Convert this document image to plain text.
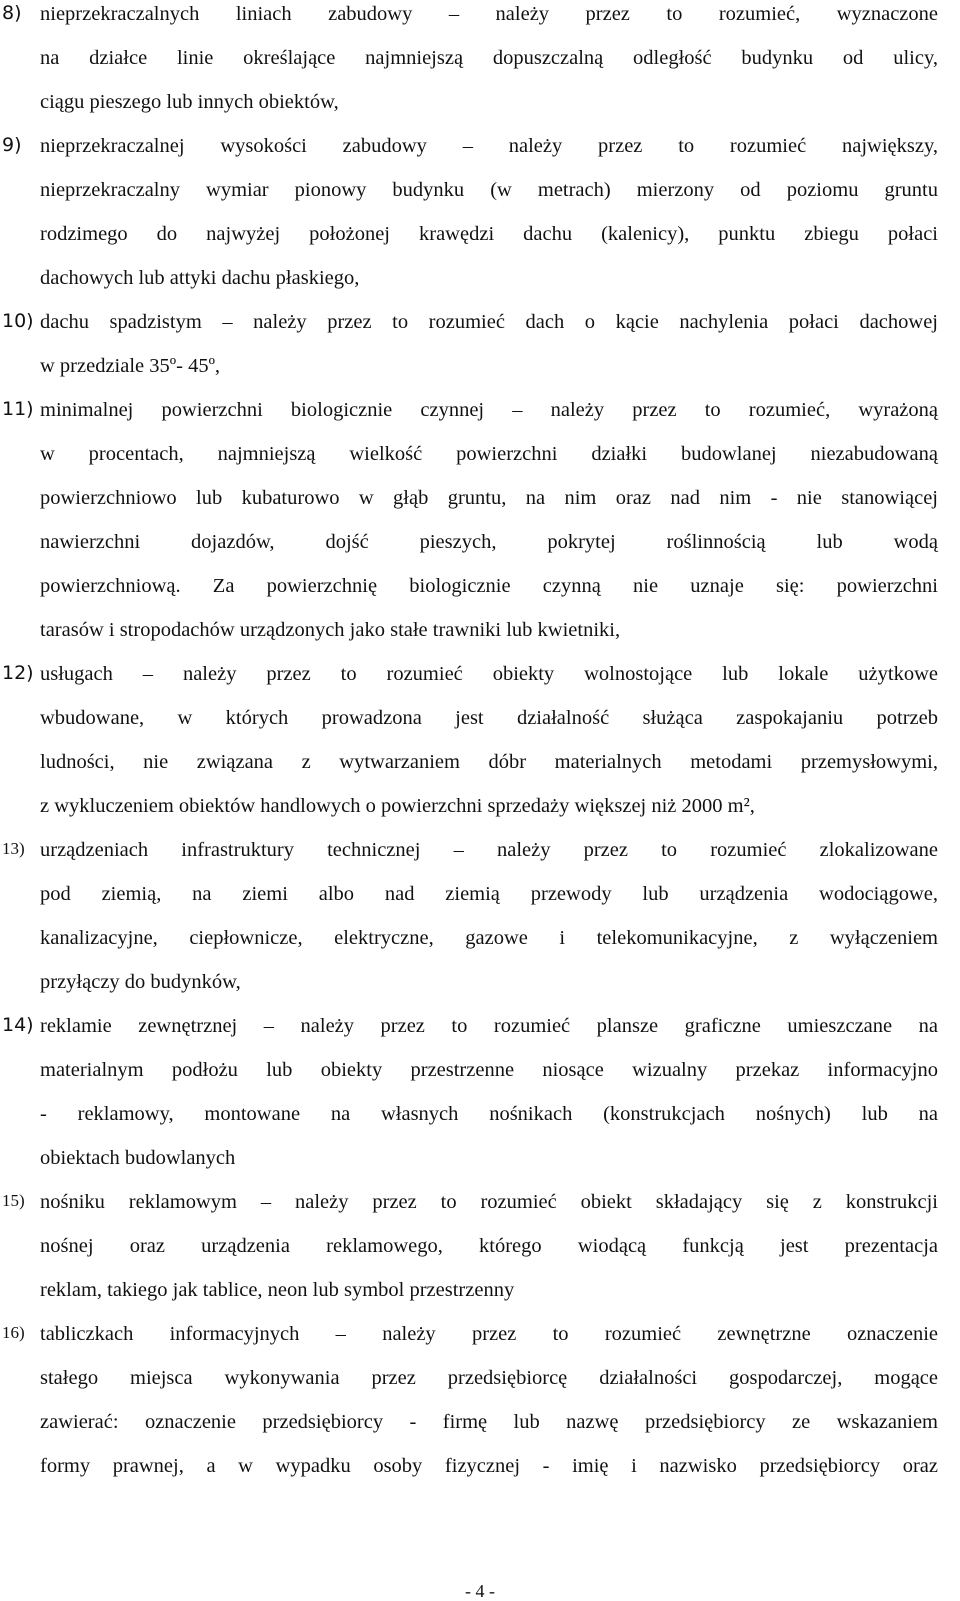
8) nieprzekraczalnych liniach zabudowy – należy przez to rozumieć, wyznaczone
na działce linie określające najmniejszą dopuszczalną odległość budynku od ulicy,
ciągu pieszego lub innych obiektów,
9) nieprzekraczalnej wysokości zabudowy – należy przez to rozumieć największy,
nieprzekraczalny wymiar pionowy budynku (w metrach) mierzony od poziomu gruntu
rodzimego do najwyżej położonej krawędzi dachu (kalenicy), punktu zbiegu połaci
dachowych lub attyki dachu płaskiego,
10) dachu spadzistym – należy przez to rozumieć dach o kącie nachylenia połaci dachowej
w przedziale 35º- 45º,
11) minimalnej powierzchni biologicznie czynnej – należy przez to rozumieć, wyrażoną
w procentach, najmniejszą wielkość powierzchni działki budowlanej niezabudowaną
powierzchniowo lub kubaturowo w głąb gruntu, na nim oraz nad nim - nie stanowiącej
nawierzchni dojazdów, dojść pieszych, pokrytej roślinnością lub wodą
powierzchniową. Za powierzchnię biologicznie czynną nie uznaje się: powierzchni
tarasów i stropodachów urządzonych jako stałe trawniki lub kwietniki,
12) usługach – należy przez to rozumieć obiekty wolnostojące lub lokale użytkowe
wbudowane, w których prowadzona jest działalność służąca zaspokajaniu potrzeb
ludności, nie związana z wytwarzaniem dóbr materialnych metodami przemysłowymi,
z wykluczeniem obiektów handlowych o powierzchni sprzedaży większej niż 2000 m²,
13) urządzeniach infrastruktury technicznej – należy przez to rozumieć zlokalizowane
pod ziemią, na ziemi albo nad ziemią przewody lub urządzenia wodociągowe,
kanalizacyjne, ciepłownicze, elektryczne, gazowe i telekomunikacyjne, z wyłączeniem
przyłączy do budynków,
14) reklamie zewnętrznej – należy przez to rozumieć plansze graficzne umieszczane na
materialnym podłożu lub obiekty przestrzenne niosące wizualny przekaz informacyjno
- reklamowy, montowane na własnych nośnikach (konstrukcjach nośnych) lub na
obiektach budowlanych
15) nośniku reklamowym – należy przez to rozumieć obiekt składający się z konstrukcji
nośnej oraz urządzenia reklamowego, którego wiodącą funkcją jest prezentacja
reklam, takiego jak tablice, neon lub symbol przestrzenny
16) tabliczkach informacyjnych – należy przez to rozumieć zewnętrzne oznaczenie
stałego miejsca wykonywania przez przedsiębiorcę działalności gospodarczej, mogące
zawierać: oznaczenie przedsiębiorcy - firmę lub nazwę przedsiębiorcy ze wskazaniem
formy prawnej, a w wypadku osoby fizycznej - imię i nazwisko przedsiębiorcy oraz
- 4 -
